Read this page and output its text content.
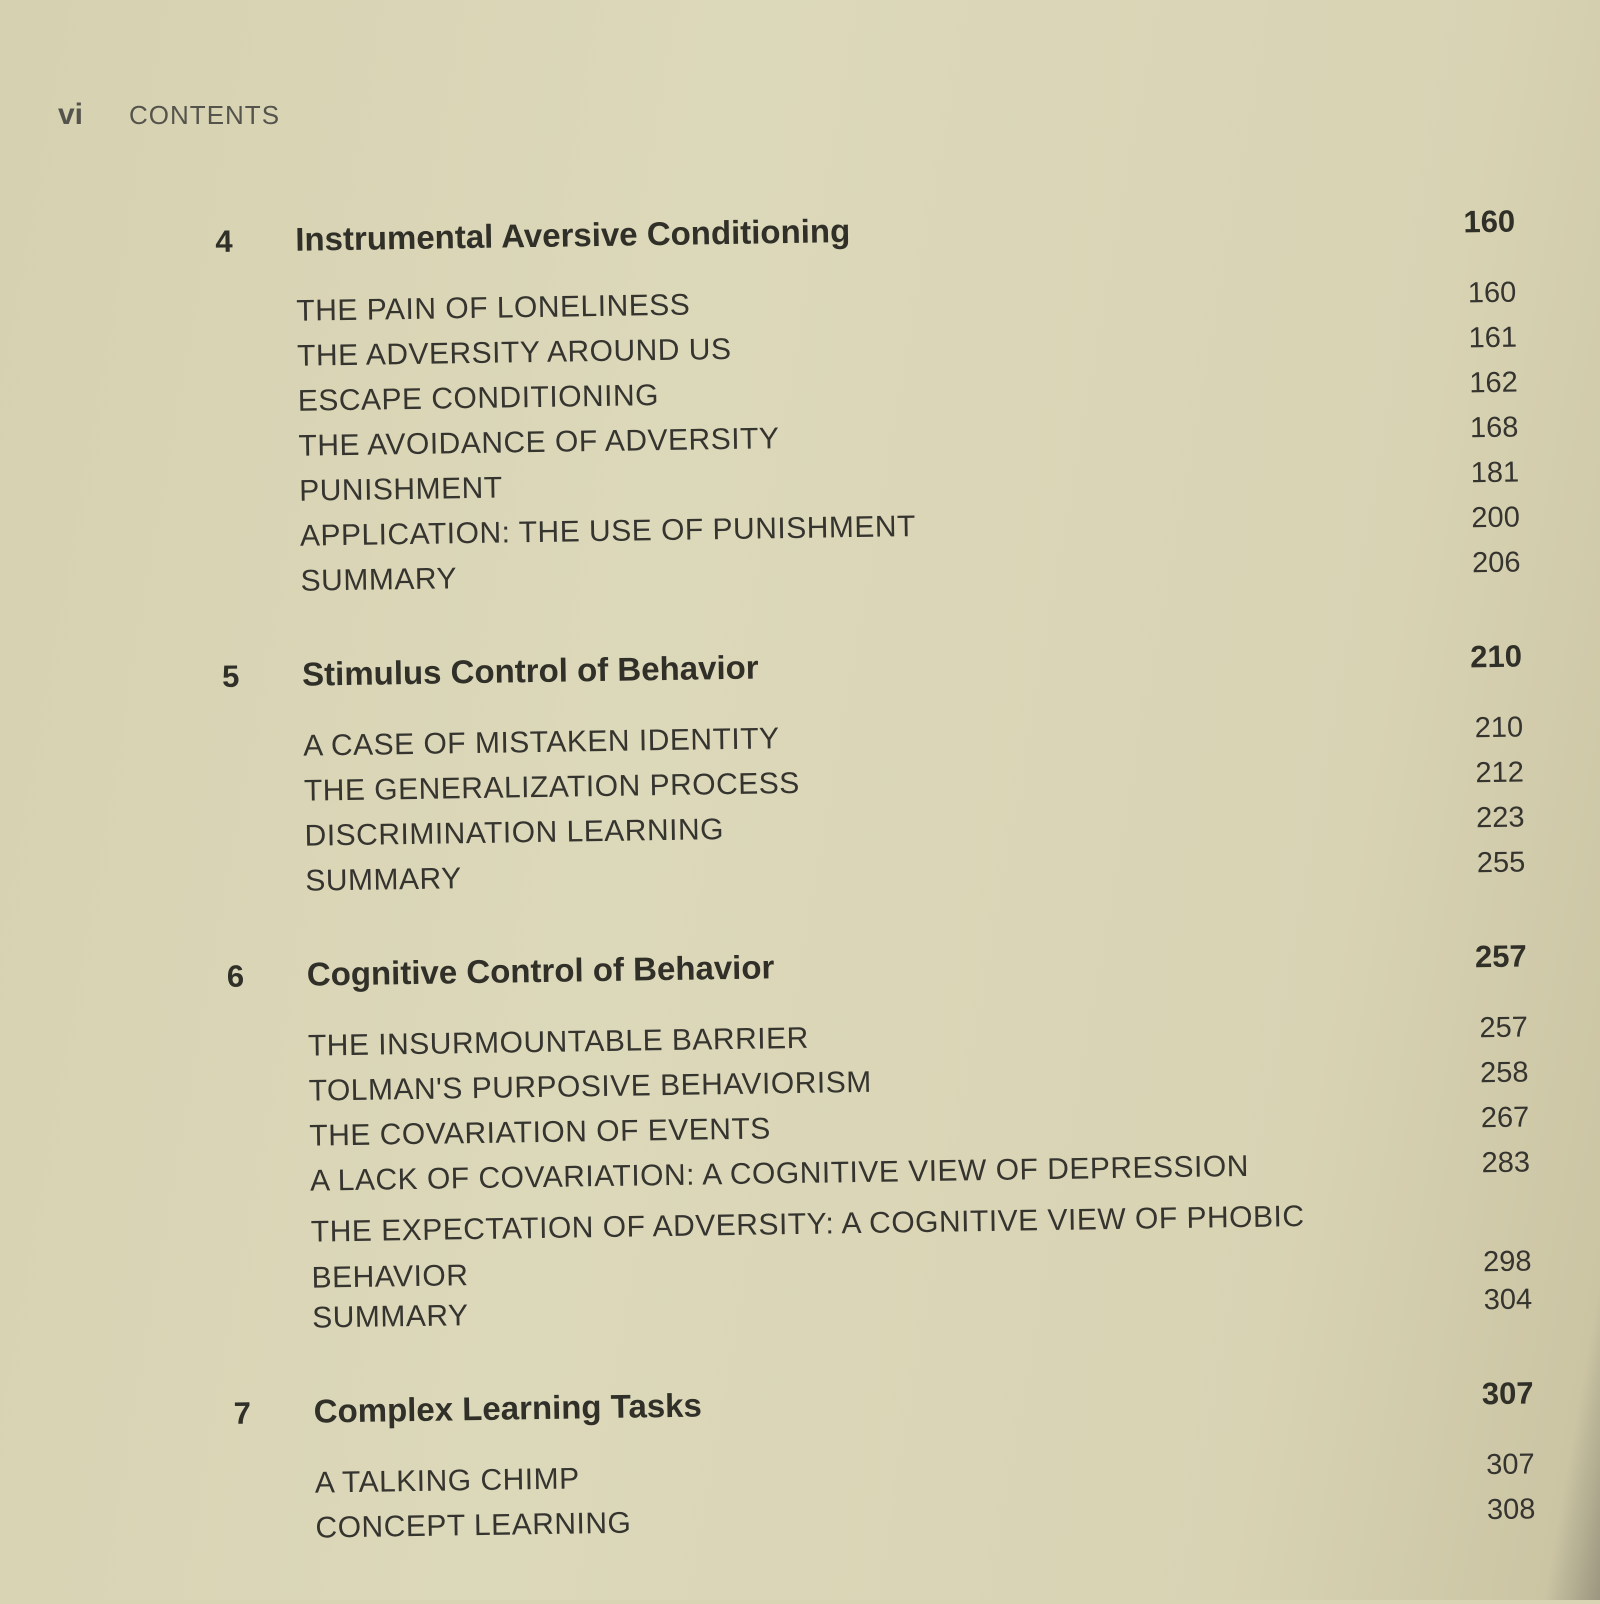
vi CONTENTS
4	Instrumental Aversive Conditioning	160
THE PAIN OF LONELINESS	160
THE ADVERSITY AROUND US	161
ESCAPE CONDITIONING	162
THE AVOIDANCE OF ADVERSITY	168
PUNISHMENT	181
APPLICATION: THE USE OF PUNISHMENT	200
SUMMARY	206
5	Stimulus Control of Behavior	210
A CASE OF MISTAKEN IDENTITY	210
THE GENERALIZATION PROCESS	212
DISCRIMINATION LEARNING	223
SUMMARY	255
6	Cognitive Control of Behavior	257
THE INSURMOUNTABLE BARRIER	257
TOLMAN'S PURPOSIVE BEHAVIORISM	258
THE COVARIATION OF EVENTS	267
A LACK OF COVARIATION: A COGNITIVE VIEW OF DEPRESSION	283
THE EXPECTATION OF ADVERSITY: A COGNITIVE VIEW OF PHOBIC BEHAVIOR	298
SUMMARY	304
7	Complex Learning Tasks	307
A TALKING CHIMP	307
CONCEPT LEARNING	308
